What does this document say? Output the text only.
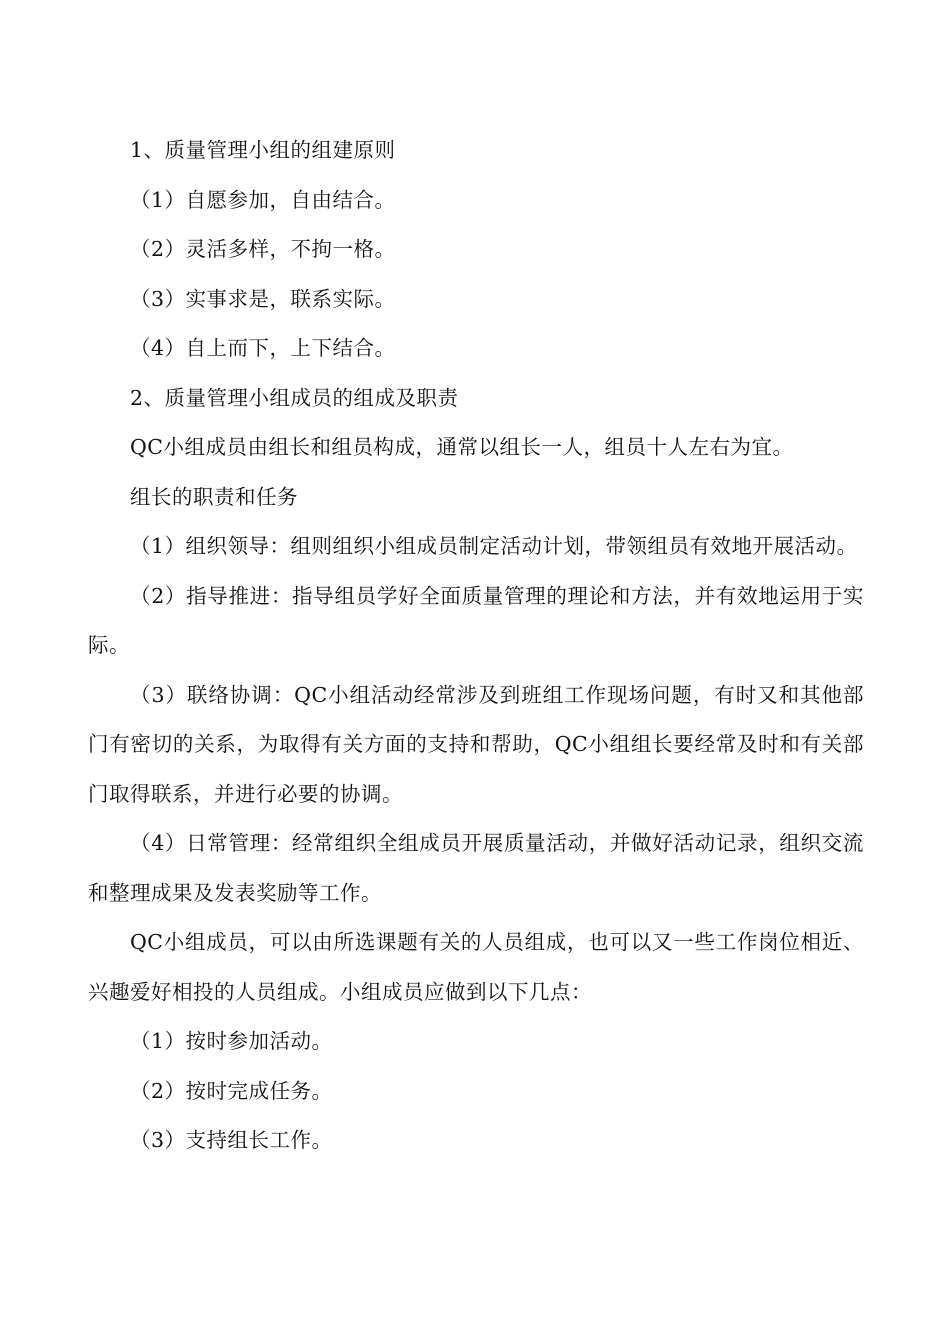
1、质量管理小组的组建原则

（1）自愿参加，自由结合。

（2）灵活多样，不拘一格。

（3）实事求是，联系实际。

（4）自上而下，上下结合。

2、质量管理小组成员的组成及职责

QC小组成员由组长和组员构成，通常以组长一人，组员十人左右为宜。

组长的职责和任务

（1）组织领导：组则组织小组成员制定活动计划，带领组员有效地开展活动。

（2）指导推进：指导组员学好全面质量管理的理论和方法，并有效地运用于实际。

（3）联络协调：QC小组活动经常涉及到班组工作现场问题，有时又和其他部门有密切的关系，为取得有关方面的支持和帮助，QC小组组长要经常及时和有关部门取得联系，并进行必要的协调。

（4）日常管理：经常组织全组成员开展质量活动，并做好活动记录，组织交流和整理成果及发表奖励等工作。

QC小组成员，可以由所选课题有关的人员组成，也可以又一些工作岗位相近、兴趣爱好相投的人员组成。小组成员应做到以下几点：

（1）按时参加活动。

（2）按时完成任务。

（3）支持组长工作。
